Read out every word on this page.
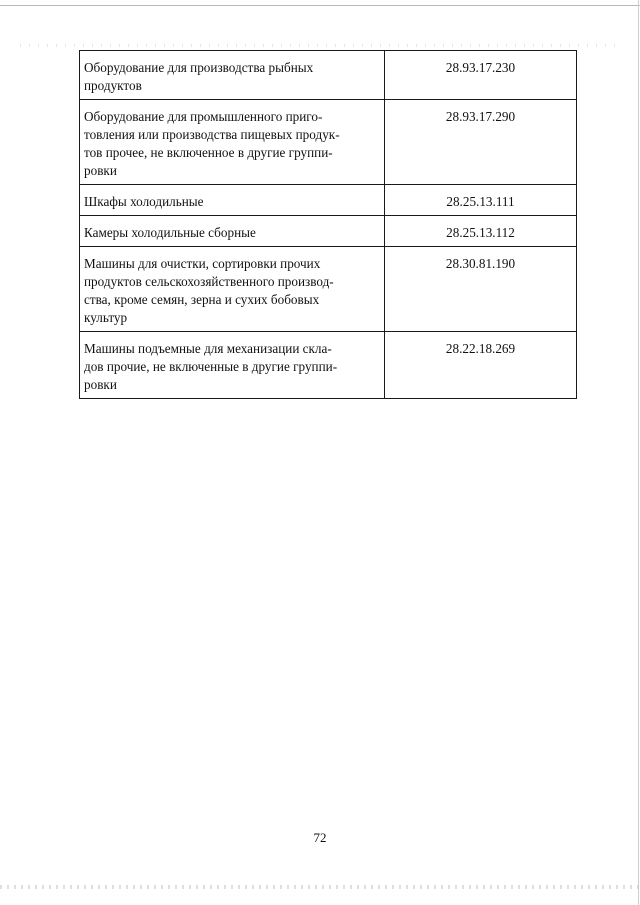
Оборудование для производства рыбных
продуктов	28.93.17.230

Оборудование для промышленного приго-
товления или производства пищевых продук-
тов прочее, не включенное в другие группи-
ровки	28.93.17.290

Шкафы холодильные	28.25.13.111

Камеры холодильные сборные	28.25.13.112

Машины для очистки, сортировки прочих
продуктов сельскохозяйственного производ-
ства, кроме семян, зерна и сухих бобовых
культур	28.30.81.190

Машины подъемные для механизации скла-
дов прочие, не включенные в другие группи-
ровки	28.22.18.269
72
